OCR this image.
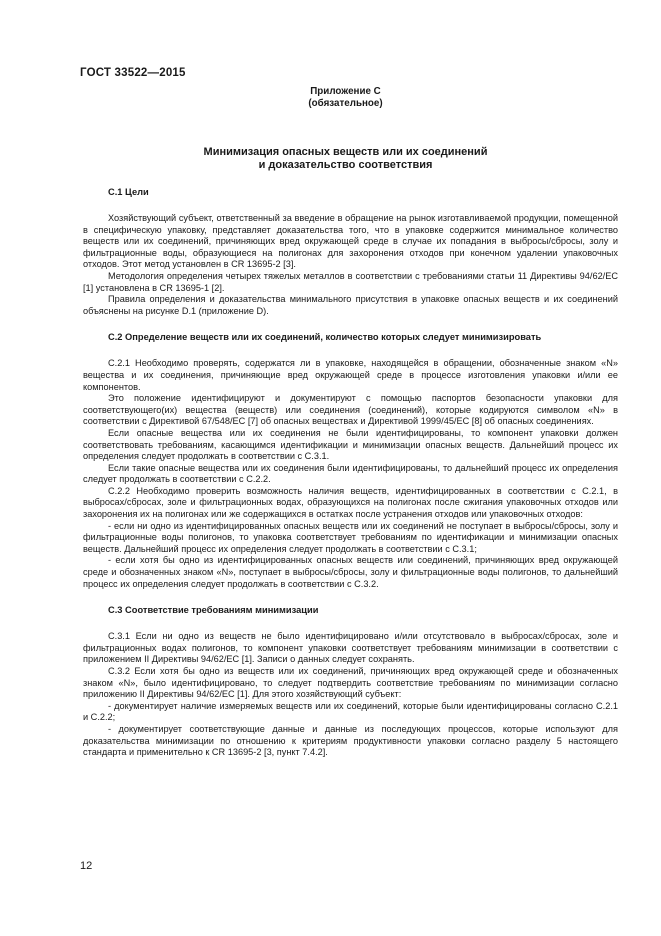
ГОСТ 33522—2015
Приложение С
(обязательное)
Минимизация опасных веществ или их соединений
и доказательство соответствия
С.1 Цели

Хозяйствующий субъект, ответственный за введение в обращение на рынок изготавливаемой продукции, помещенной в специфическую упаковку, представляет доказательства того, что в упаковке содержится минимальное количество веществ или их соединений, причиняющих вред окружающей среде в случае их попадания в выбросы/сбросы, золу и фильтрационные воды, образующиеся на полигонах для захоронения отходов при конечном удалении упаковочных отходов. Этот метод установлен в CR 13695-2 [3].

Методология определения четырех тяжелых металлов в соответствии с требованиями статьи 11 Директивы 94/62/EC [1] установлена в CR 13695-1 [2].

Правила определения и доказательства минимального присутствия в упаковке опасных веществ и их соединений объяснены на рисунке D.1 (приложение D).

С.2 Определение веществ или их соединений, количество которых следует минимизировать

С.2.1 Необходимо проверять, содержатся ли в упаковке, находящейся в обращении, обозначенные знаком «N» вещества и их соединения, причиняющие вред окружающей среде в процессе изготовления упаковки и/или ее компонентов.

Это положение идентифицируют и документируют с помощью паспортов безопасности упаковки для соответствующего(их) вещества (веществ) или соединения (соединений), которые кодируются символом «N» в соответствии с Директивой 67/548/EC [7] об опасных веществах и Директивой 1999/45/EC [8] об опасных соединениях.

Если опасные вещества или их соединения не были идентифицированы, то компонент упаковки должен соответствовать требованиям, касающимся идентификации и минимизации опасных веществ. Дальнейший процесс их определения следует продолжать в соответствии с С.3.1.

Если такие опасные вещества или их соединения были идентифицированы, то дальнейший процесс их определения следует продолжать в соответствии с С.2.2.

С.2.2 Необходимо проверить возможность наличия веществ, идентифицированных в соответствии с С.2.1, в выбросах/сбросах, золе и фильтрационных водах, образующихся на полигонах после сжигания упаковочных отходов или захоронения их на полигонах или же содержащихся в остатках после устранения отходов или упаковочных отходов:

- если ни одно из идентифицированных опасных веществ или их соединений не поступает в выбросы/сбросы, золу и фильтрационные воды полигонов, то упаковка соответствует требованиям по идентификации и минимизации опасных веществ. Дальнейший процесс их определения следует продолжать в соответствии с С.3.1;

- если хотя бы одно из идентифицированных опасных веществ или соединений, причиняющих вред окружающей среде и обозначенных знаком «N», поступает в выбросы/сбросы, золу и фильтрационные воды полигонов, то дальнейший процесс их определения следует продолжать в соответствии с С.3.2.

С.3 Соответствие требованиям минимизации

С.3.1 Если ни одно из веществ не было идентифицировано и/или отсутствовало в выбросах/сбросах, золе и фильтрационных водах полигонов, то компонент упаковки соответствует требованиям минимизации в соответствии с приложением II Директивы 94/62/EC [1]. Записи о данных следует сохранять.

С.3.2 Если хотя бы одно из веществ или их соединений, причиняющих вред окружающей среде и обозначенных знаком «N», было идентифицировано, то следует подтвердить соответствие требованиям по минимизации согласно приложению II Директивы 94/62/EC [1]. Для этого хозяйствующий субъект:

- документирует наличие измеряемых веществ или их соединений, которые были идентифицированы согласно С.2.1 и С.2.2;

- документирует соответствующие данные и данные из последующих процессов, которые используют для доказательства минимизации по отношению к критериям продуктивности упаковки согласно разделу 5 настоящего стандарта и применительно к CR 13695-2 [3, пункт 7.4.2].

12
